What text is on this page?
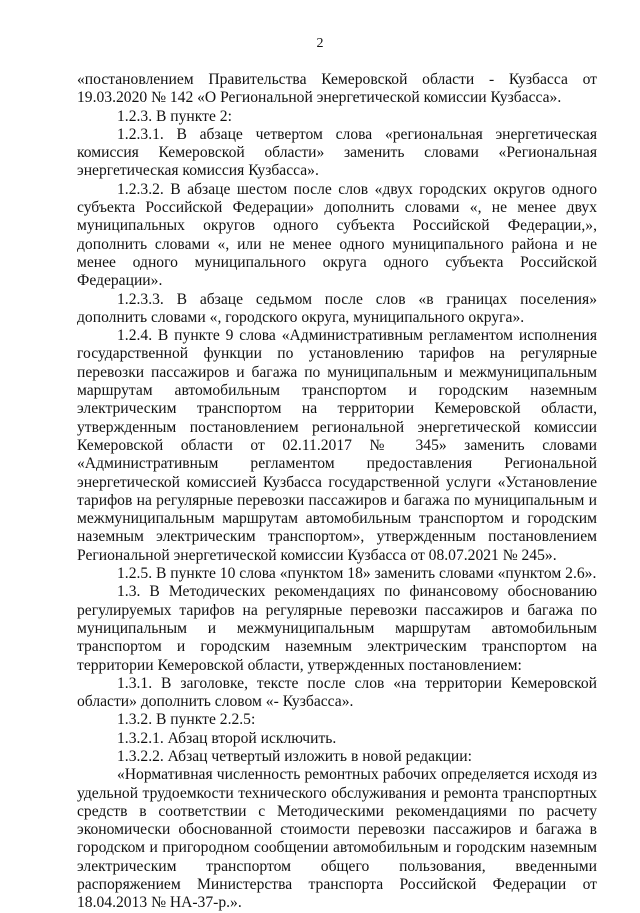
2

«постановлением Правительства Кемеровской области - Кузбасса от 19.03.2020 № 142 «О Региональной энергетической комиссии Кузбасса».

1.2.3. В пункте 2:

1.2.3.1. В абзаце четвертом слова «региональная энергетическая комиссия Кемеровской области» заменить словами «Региональная энергетическая комиссия Кузбасса».

1.2.3.2. В абзаце шестом после слов «двух городских округов одного субъекта Российской Федерации» дополнить словами «, не менее двух муниципальных округов одного субъекта Российской Федерации,», дополнить словами «, или не менее одного муниципального района и не менее одного муниципального округа одного субъекта Российской Федерации».

1.2.3.3. В абзаце седьмом после слов «в границах поселения» дополнить словами «, городского округа, муниципального округа».

1.2.4. В пункте 9 слова «Административным регламентом исполнения государственной функции по установлению тарифов на регулярные перевозки пассажиров и багажа по муниципальным и межмуниципальным маршрутам автомобильным транспортом и городским наземным электрическим транспортом на территории Кемеровской области, утвержденным постановлением региональной энергетической комиссии Кемеровской области от 02.11.2017 № 345» заменить словами «Административным регламентом предоставления Региональной энергетической комиссией Кузбасса государственной услуги «Установление тарифов на регулярные перевозки пассажиров и багажа по муниципальным и межмуниципальным маршрутам автомобильным транспортом и городским наземным электрическим транспортом», утвержденным постановлением Региональной энергетической комиссии Кузбасса от 08.07.2021 № 245».

1.2.5. В пункте 10 слова «пунктом 18» заменить словами «пунктом 2.6».

1.3. В Методических рекомендациях по финансовому обоснованию регулируемых тарифов на регулярные перевозки пассажиров и багажа по муниципальным и межмуниципальным маршрутам автомобильным транспортом и городским наземным электрическим транспортом на территории Кемеровской области, утвержденных постановлением:

1.3.1. В заголовке, тексте после слов «на территории Кемеровской области» дополнить словом «- Кузбасса».

1.3.2. В пункте 2.2.5:

1.3.2.1. Абзац второй исключить.

1.3.2.2. Абзац четвертый изложить в новой редакции:

«Нормативная численность ремонтных рабочих определяется исходя из удельной трудоемкости технического обслуживания и ремонта транспортных средств в соответствии с Методическими рекомендациями по расчету экономически обоснованной стоимости перевозки пассажиров и багажа в городском и пригородном сообщении автомобильным и городским наземным электрическим транспортом общего пользования, введенными распоряжением Министерства транспорта Российской Федерации от 18.04.2013 № НА-37-р.».
